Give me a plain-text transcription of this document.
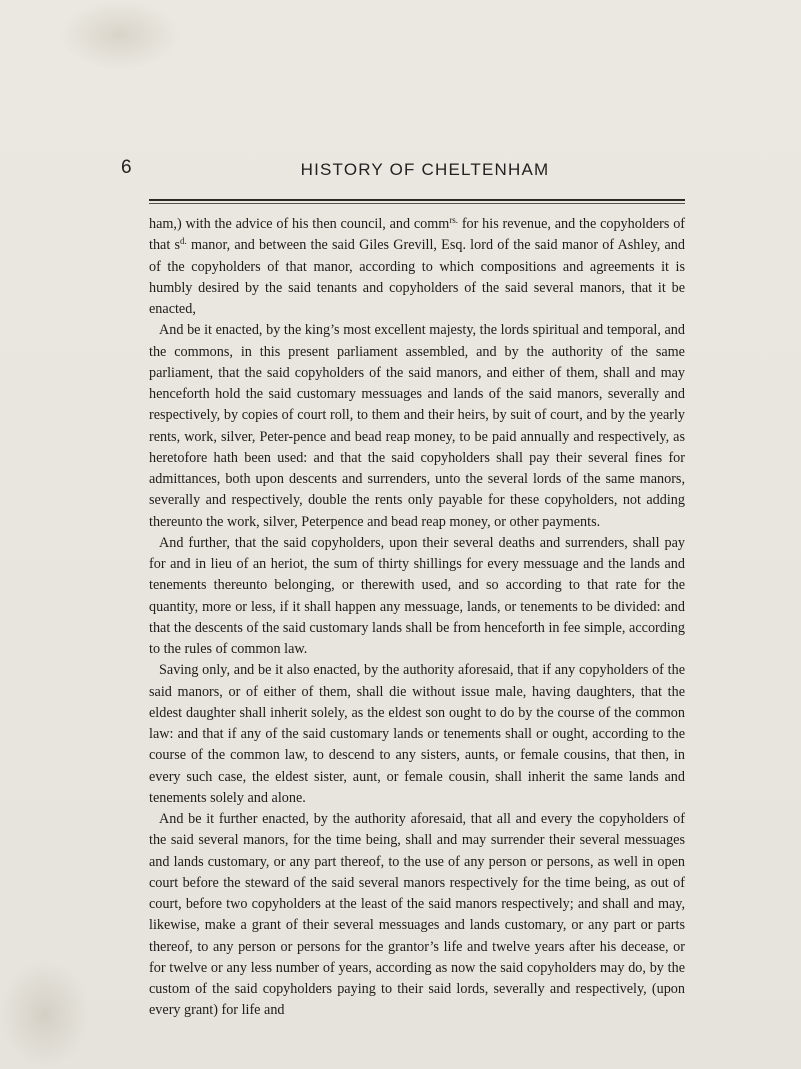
6	HISTORY OF CHELTENHAM

ham,) with the advice of his then council, and comm$^{rs.}$ for his revenue, and the copyholders of that $s^{d.}$ manor, and between the said Giles Grevill, Esq. lord of the said manor of Ashley, and of the copyholders of that manor, according to which compositions and agreements it is humbly desired by the said tenants and copyholders of the said several manors, that it be enacted,

And be it enacted, by the king’s most excellent majesty, the lords spiritual and temporal, and the commons, in this present parliament assembled, and by the authority of the same parliament, that the said copyholders of the said manors, and either of them, shall and may henceforth hold the said customary messuages and lands of the said manors, severally and respectively, by copies of court roll, to them and their heirs, by suit of court, and by the yearly rents, work, silver, Peter-pence and bead reap money, to be paid annually and respectively, as heretofore hath been used: and that the said copyholders shall pay their several fines for admittances, both upon descents and surrenders, unto the several lords of the same manors, severally and respectively, double the rents only payable for these copyholders, not adding thereunto the work, silver, Peterpence and bead reap money, or other payments.

And further, that the said copyholders, upon their several deaths and surrenders, shall pay for and in lieu of an heriot, the sum of thirty shillings for every messuage and the lands and tenements thereunto belonging, or therewith used, and so according to that rate for the quantity, more or less, if it shall happen any messuage, lands, or tenements to be divided: and that the descents of the said customary lands shall be from henceforth in fee simple, according to the rules of common law.

Saving only, and be it also enacted, by the authority aforesaid, that if any copyholders of the said manors, or of either of them, shall die without issue male, having daughters, that the eldest daughter shall inherit solely, as the eldest son ought to do by the course of the common law: and that if any of the said customary lands or tenements shall or ought, according to the course of the common law, to descend to any sisters, aunts, or female cousins, that then, in every such case, the eldest sister, aunt, or female cousin, shall inherit the same lands and tenements solely and alone.

And be it further enacted, by the authority aforesaid, that all and every the copyholders of the said several manors, for the time being, shall and may surrender their several messuages and lands customary, or any part thereof, to the use of any person or persons, as well in open court before the steward of the said several manors respectively for the time being, as out of court, before two copyholders at the least of the said manors respectively; and shall and may, likewise, make a grant of their several messuages and lands customary, or any part or parts thereof, to any person or persons for the grantor’s life and twelve years after his decease, or for twelve or any less number of years, according as now the said copyholders may do, by the custom of the said copyholders paying to their said lords, severally and respectively, (upon every grant) for life and
